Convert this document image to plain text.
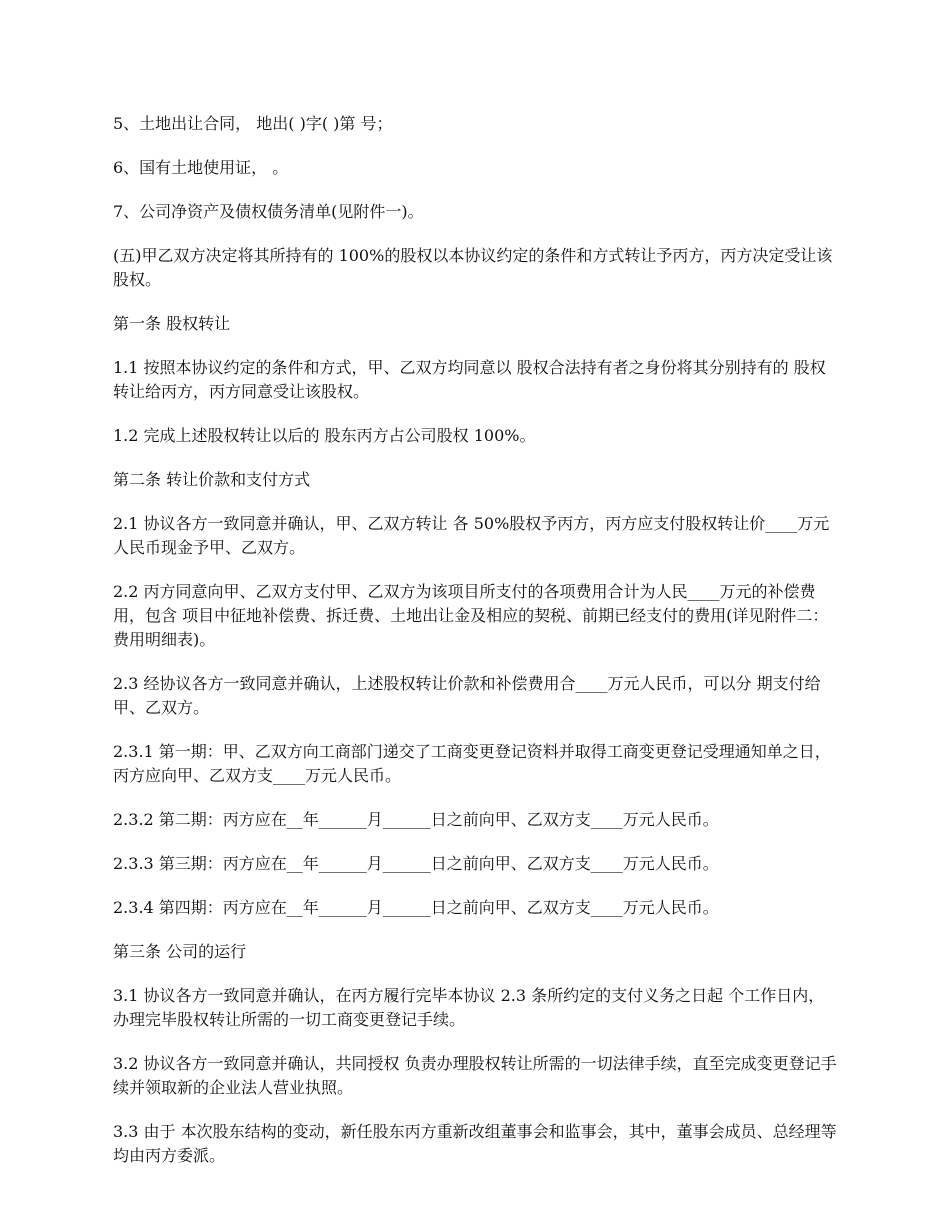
5、土地出让合同， 地出( )字( )第 号；

6、国有土地使用证， 。

7、公司净资产及债权债务清单(见附件一)。

(五)甲乙双方决定将其所持有的 100%的股权以本协议约定的条件和方式转让予丙方，丙方决定受让该股权。

第一条 股权转让

1.1 按照本协议约定的条件和方式，甲、乙双方均同意以 股权合法持有者之身份将其分别持有的 股权转让给丙方，丙方同意受让该股权。

1.2 完成上述股权转让以后的 股东丙方占公司股权 100%。

第二条 转让价款和支付方式

2.1 协议各方一致同意并确认，甲、乙双方转让 各 50%股权予丙方，丙方应支付股权转让价____万元人民币现金予甲、乙双方。

2.2 丙方同意向甲、乙双方支付甲、乙双方为该项目所支付的各项费用合计为人民____万元的补偿费用，包含 项目中征地补偿费、拆迁费、土地出让金及相应的契税、前期已经支付的费用(详见附件二：费用明细表)。

2.3 经协议各方一致同意并确认，上述股权转让价款和补偿费用合____万元人民币，可以分 期支付给甲、乙双方。

2.3.1 第一期：甲、乙双方向工商部门递交了工商变更登记资料并取得工商变更登记受理通知单之日，丙方应向甲、乙双方支____万元人民币。

2.3.2 第二期：丙方应在__年______月______日之前向甲、乙双方支____万元人民币。

2.3.3 第三期：丙方应在__年______月______日之前向甲、乙双方支____万元人民币。

2.3.4 第四期：丙方应在__年______月______日之前向甲、乙双方支____万元人民币。

第三条 公司的运行

3.1 协议各方一致同意并确认，在丙方履行完毕本协议 2.3 条所约定的支付义务之日起 个工作日内，办理完毕股权转让所需的一切工商变更登记手续。

3.2 协议各方一致同意并确认，共同授权 负责办理股权转让所需的一切法律手续，直至完成变更登记手续并领取新的企业法人营业执照。

3.3 由于 本次股东结构的变动，新任股东丙方重新改组董事会和监事会，其中，董事会成员、总经理等均由丙方委派。
